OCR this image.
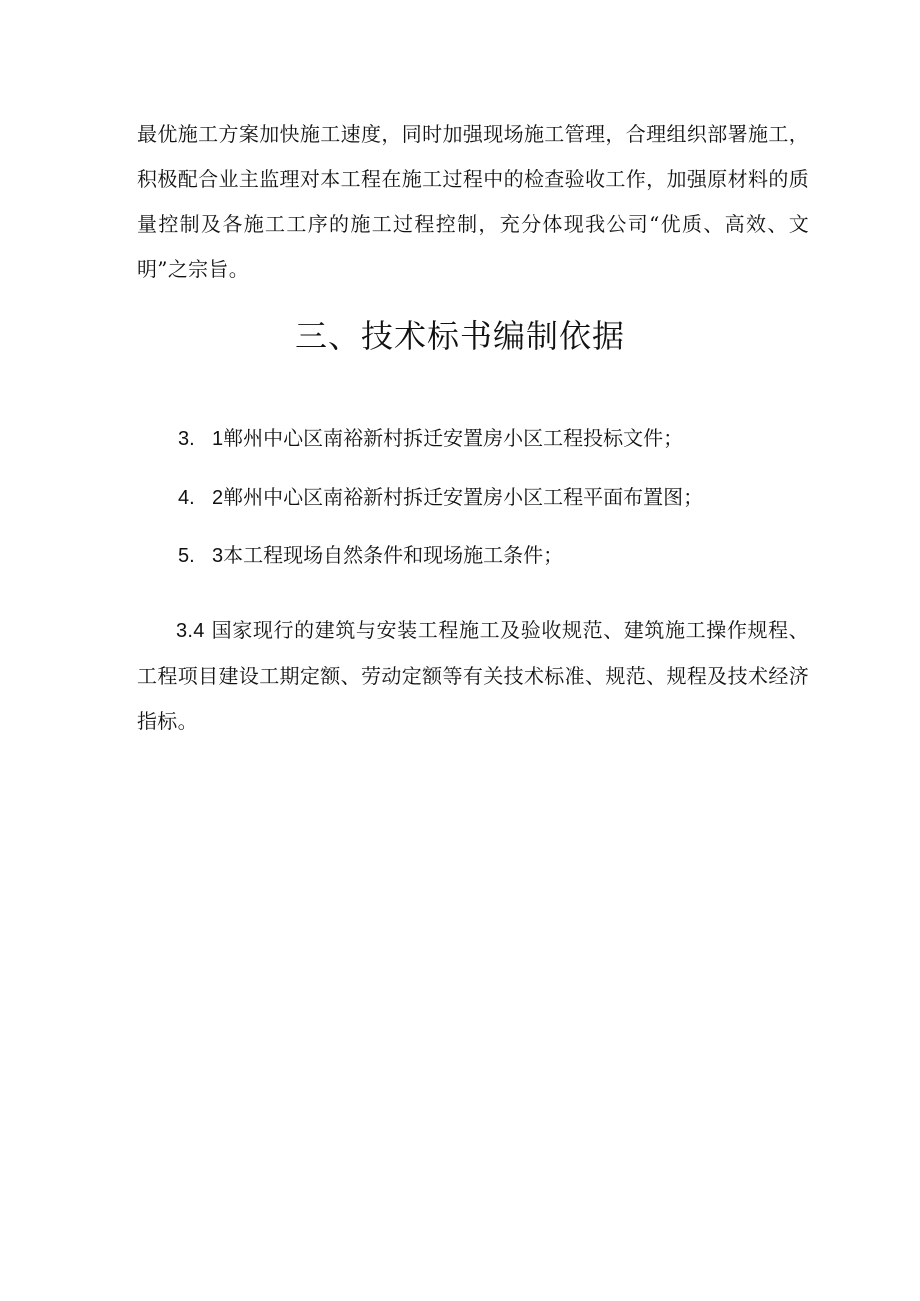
最优施工方案加快施工速度，同时加强现场施工管理，合理组织部署施工，积极配合业主监理对本工程在施工过程中的检查验收工作，加强原材料的质量控制及各施工工序的施工过程控制，充分体现我公司“优质、高效、文明”之宗旨。

三、技术标书编制依据

3. 1郸州中心区南裕新村拆迁安置房小区工程投标文件；

4. 2郸州中心区南裕新村拆迁安置房小区工程平面布置图；

5. 3本工程现场自然条件和现场施工条件；

3.4 国家现行的建筑与安装工程施工及验收规范、建筑施工操作规程、工程项目建设工期定额、劳动定额等有关技术标准、规范、规程及技术经济指标。
